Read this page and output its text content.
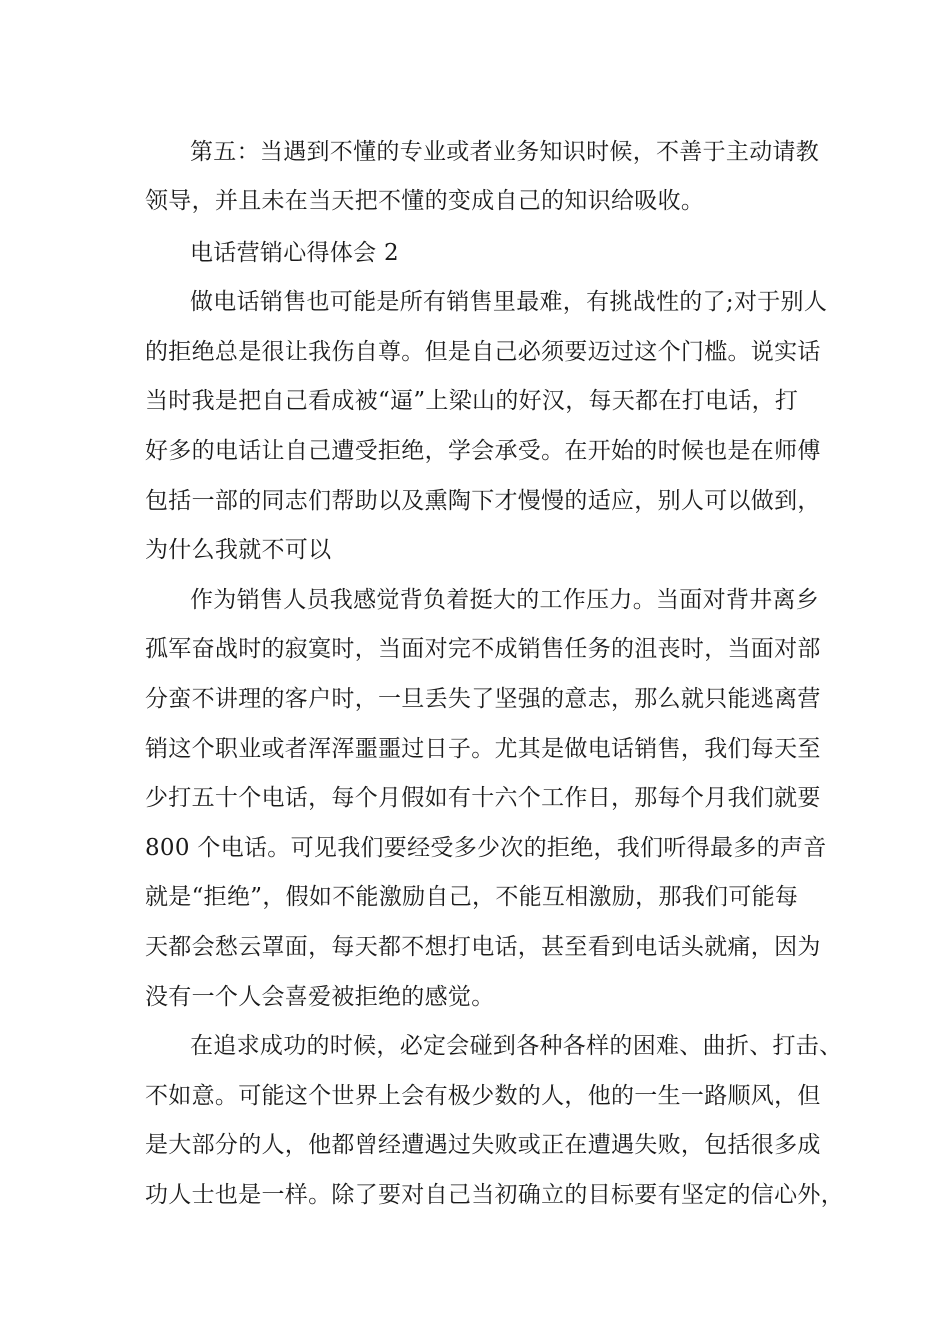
第五：当遇到不懂的专业或者业务知识时候，不善于主动请教
领导，并且未在当天把不懂的变成自己的知识给吸收。
电话营销心得体会 2
做电话销售也可能是所有销售里最难，有挑战性的了;对于别人
的拒绝总是很让我伤自尊。但是自己必须要迈过这个门槛。说实话
当时我是把自己看成被“逼”上梁山的好汉，每天都在打电话，打
好多的电话让自己遭受拒绝，学会承受。在开始的时候也是在师傅
包括一部的同志们帮助以及熏陶下才慢慢的适应，别人可以做到，
为什么我就不可以
作为销售人员我感觉背负着挺大的工作压力。当面对背井离乡
孤军奋战时的寂寞时，当面对完不成销售任务的沮丧时，当面对部
分蛮不讲理的客户时，一旦丢失了坚强的意志，那么就只能逃离营
销这个职业或者浑浑噩噩过日子。尤其是做电话销售，我们每天至
少打五十个电话，每个月假如有十六个工作日，那每个月我们就要
800 个电话。可见我们要经受多少次的拒绝，我们听得最多的声音
就是“拒绝”，假如不能激励自己，不能互相激励，那我们可能每
天都会愁云罩面，每天都不想打电话，甚至看到电话头就痛，因为
没有一个人会喜爱被拒绝的感觉。
在追求成功的时候，必定会碰到各种各样的困难、曲折、打击、
不如意。可能这个世界上会有极少数的人，他的一生一路顺风，但
是大部分的人，他都曾经遭遇过失败或正在遭遇失败，包括很多成
功人士也是一样。除了要对自己当初确立的目标要有坚定的信心外，
